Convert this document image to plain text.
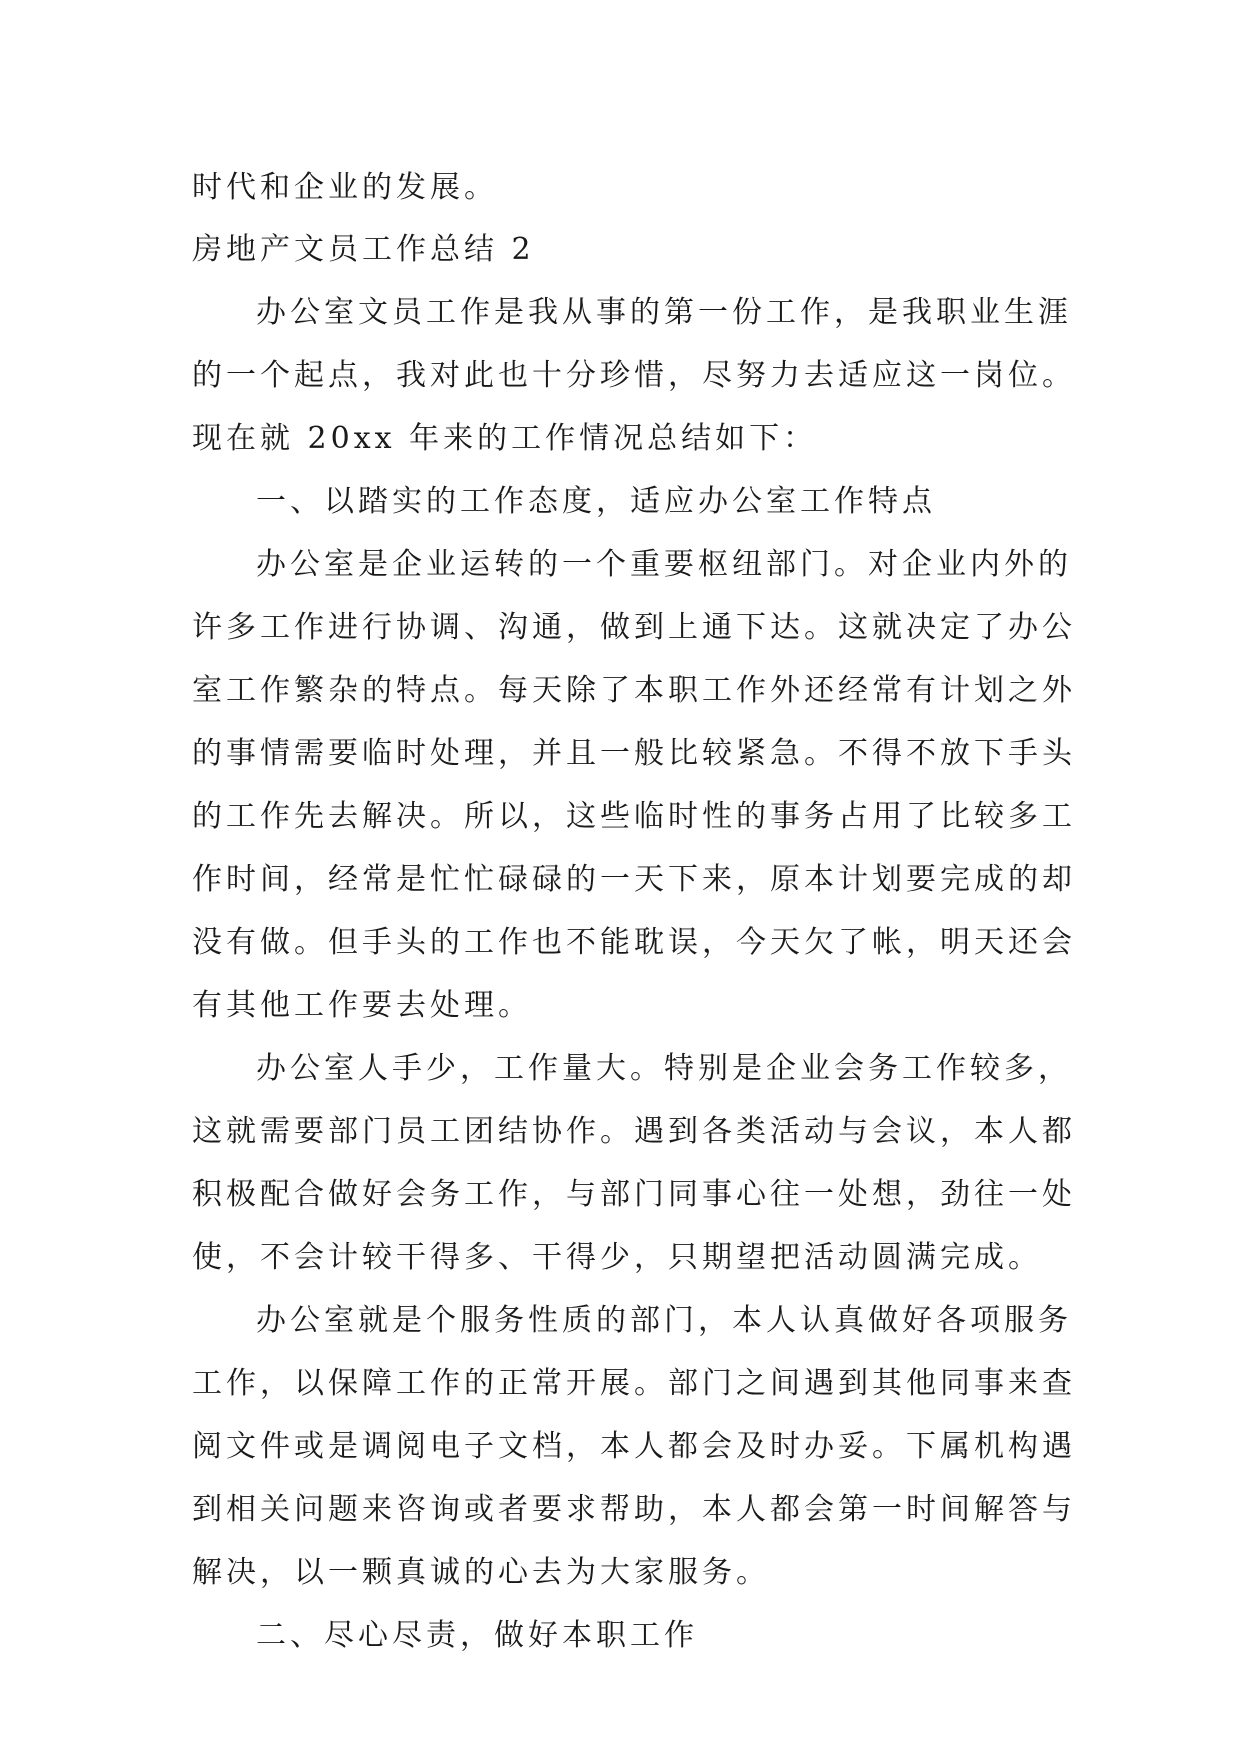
时代和企业的发展。
房地产文员工作总结 2
办公室文员工作是我从事的第一份工作，是我职业生涯
的一个起点，我对此也十分珍惜，尽努力去适应这一岗位。
现在就 20xx 年来的工作情况总结如下：
一、以踏实的工作态度，适应办公室工作特点
办公室是企业运转的一个重要枢纽部门。对企业内外的
许多工作进行协调、沟通，做到上通下达。这就决定了办公
室工作繁杂的特点。每天除了本职工作外还经常有计划之外
的事情需要临时处理，并且一般比较紧急。不得不放下手头
的工作先去解决。所以，这些临时性的事务占用了比较多工
作时间，经常是忙忙碌碌的一天下来，原本计划要完成的却
没有做。但手头的工作也不能耽误，今天欠了帐，明天还会
有其他工作要去处理。
办公室人手少，工作量大。特别是企业会务工作较多，
这就需要部门员工团结协作。遇到各类活动与会议，本人都
积极配合做好会务工作，与部门同事心往一处想，劲往一处
使，不会计较干得多、干得少，只期望把活动圆满完成。
办公室就是个服务性质的部门，本人认真做好各项服务
工作，以保障工作的正常开展。部门之间遇到其他同事来查
阅文件或是调阅电子文档，本人都会及时办妥。下属机构遇
到相关问题来咨询或者要求帮助，本人都会第一时间解答与
解决，以一颗真诚的心去为大家服务。
二、尽心尽责，做好本职工作
